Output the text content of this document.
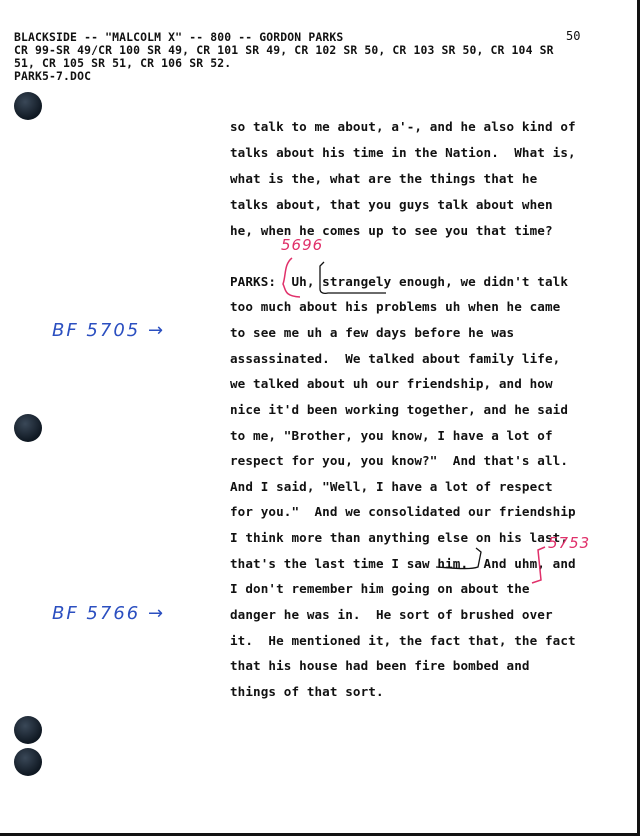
BLACKSIDE -- "MALCOLM X" -- 800 -- GORDON PARKS
CR 99-SR 49/CR 100 SR 49, CR 101 SR 49, CR 102 SR 50, CR 103 SR 50, CR 104 SR
51, CR 105 SR 51, CR 106 SR 52.
PARK5-7.DOC
50
so talk to me about, a'-, and he also kind of
talks about his time in the Nation.  What is,
what is the, what are the things that he
talks about, that you guys talk about when
he, when he comes up to see you that time?
PARKS:  Uh, strangely enough, we didn't talk
too much about his problems uh when he came
to see me uh a few days before he was
assassinated.  We talked about family life,
we talked about uh our friendship, and how
nice it'd been working together, and he said
to me, "Brother, you know, I have a lot of
respect for you, you know?"  And that's all.
And I said, "Well, I have a lot of respect
for you."  And we consolidated our friendship
I think more than anything else on his last,
that's the last time I saw him.  And uhm, and
I don't remember him going on about the
danger he was in.  He sort of brushed over
it.  He mentioned it, the fact that, the fact
that his house had been fire bombed and
things of that sort.
BF 5705 →
BF 5766 →
5696
5753
